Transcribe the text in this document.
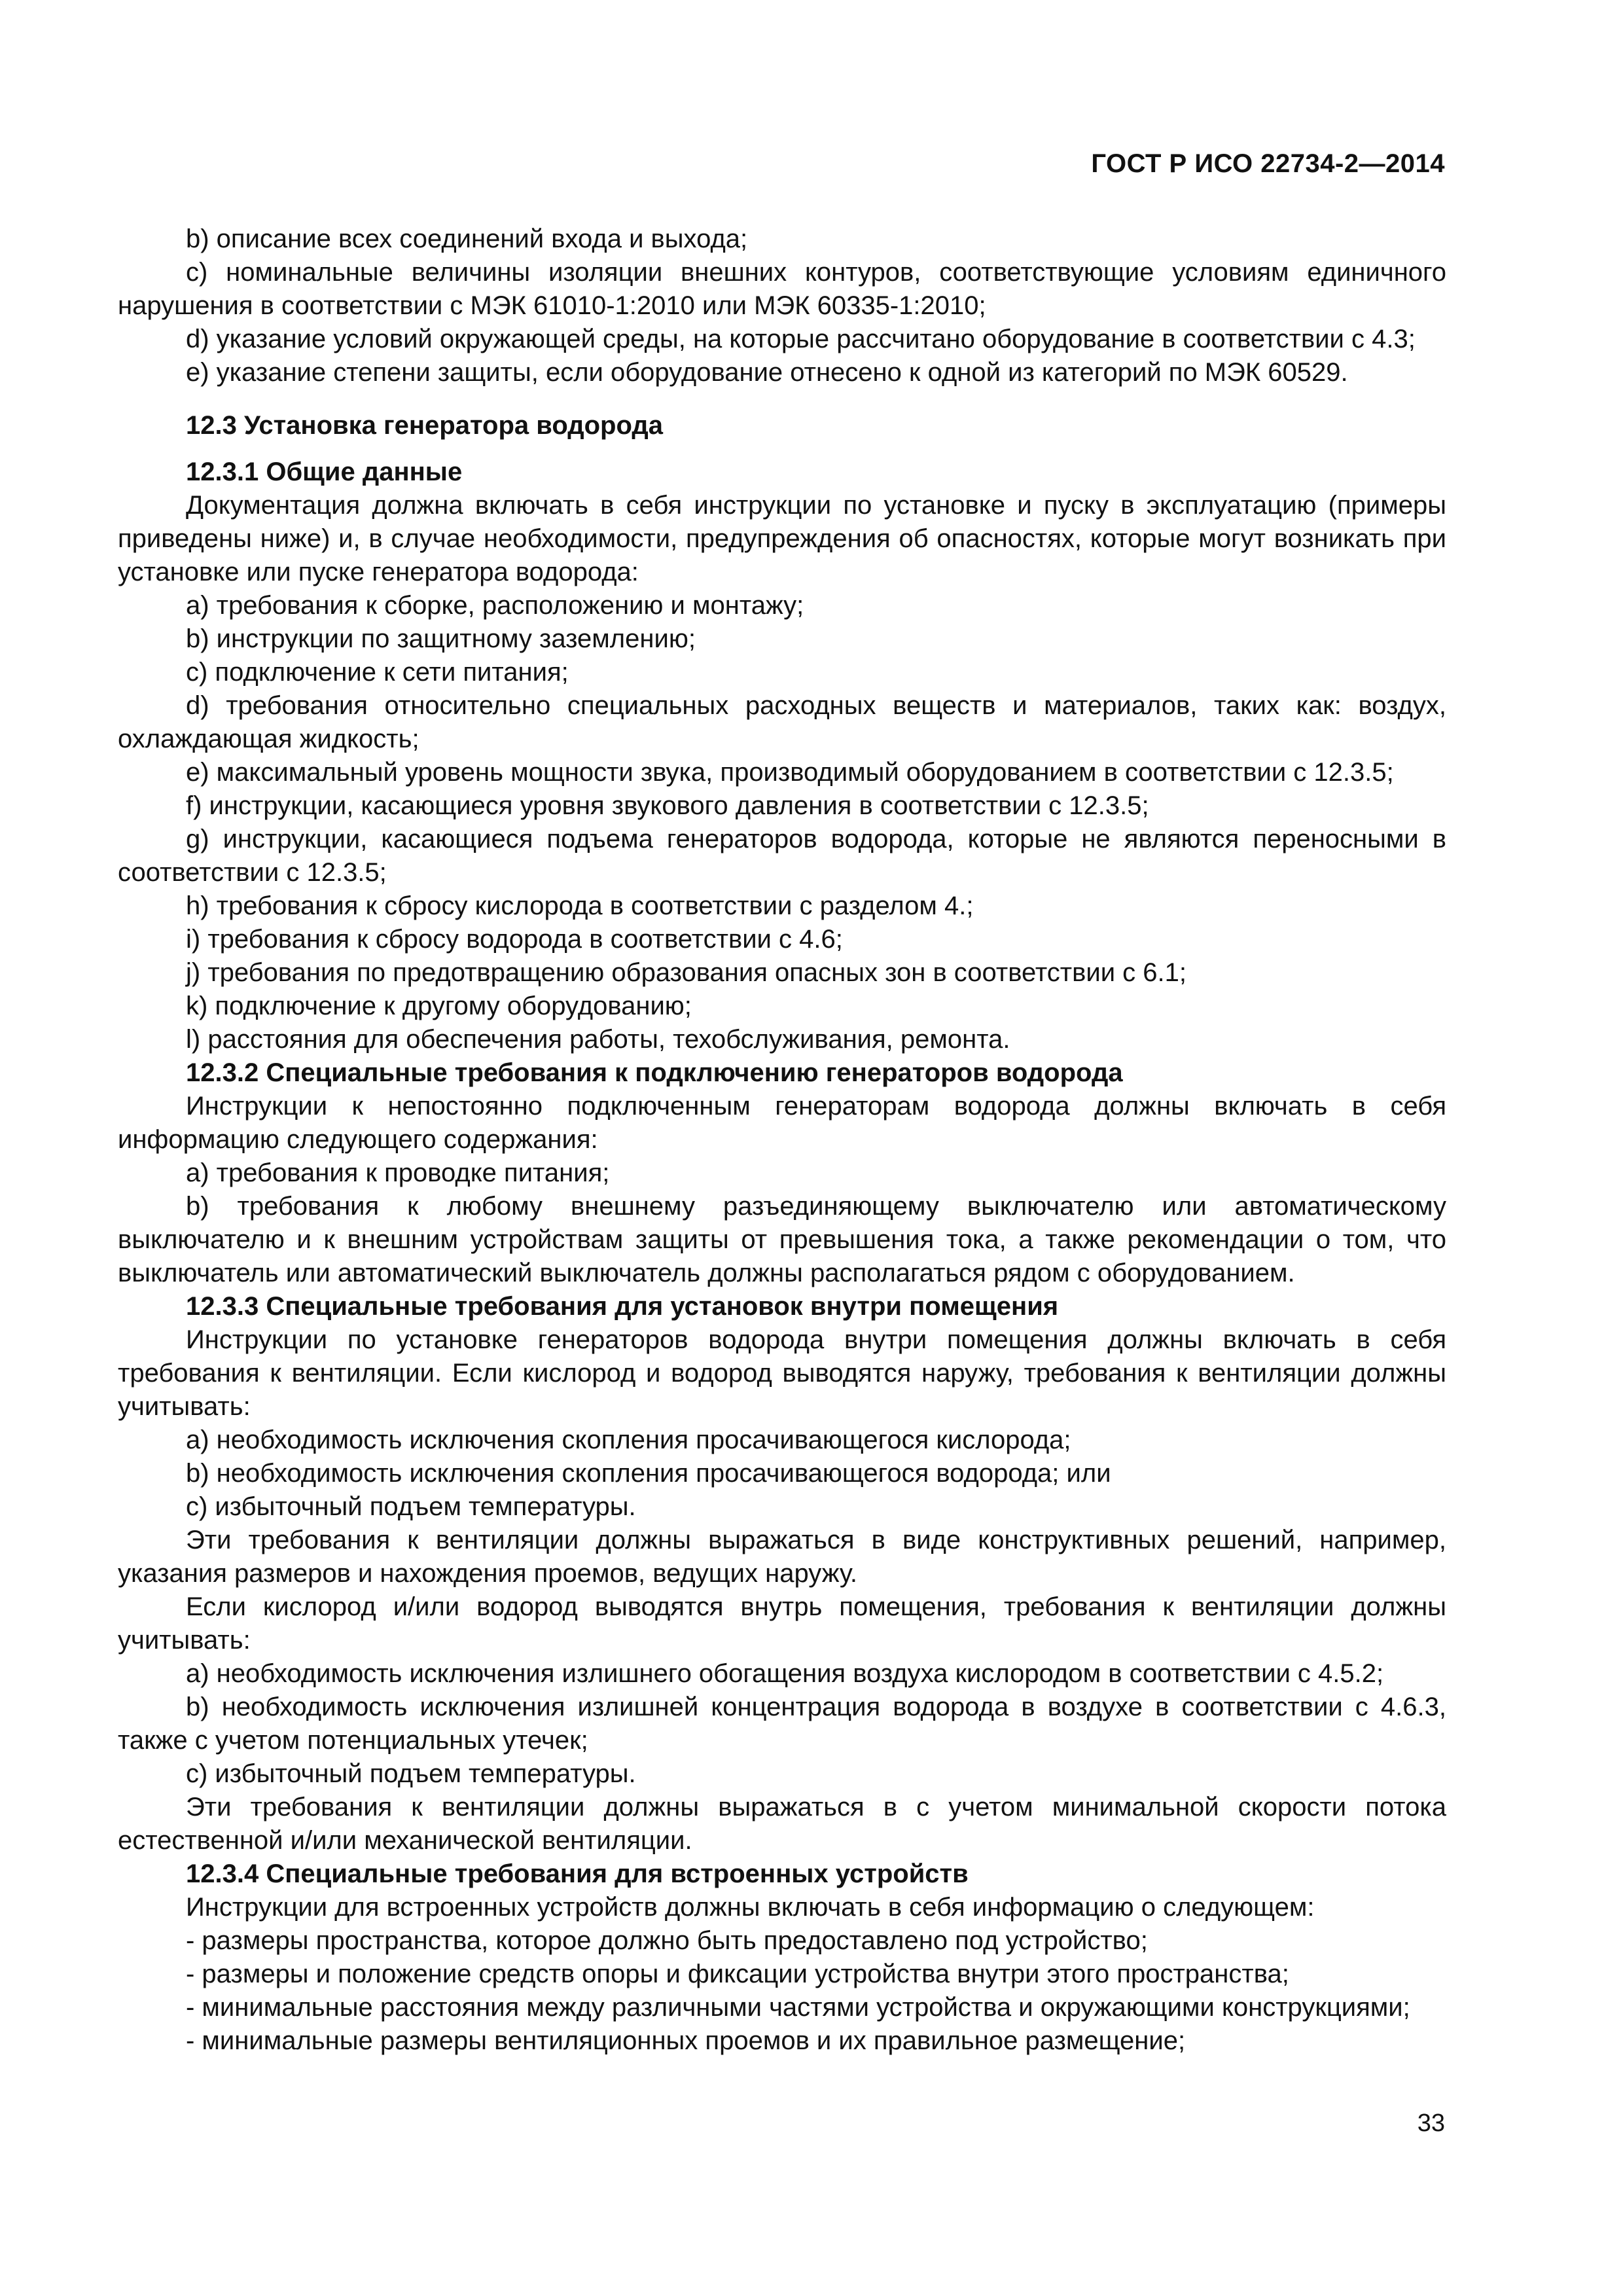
ГОСТ Р ИСО 22734-2—2014

b) описание всех соединений входа и выхода;

c) номинальные величины изоляции внешних контуров, соответствующие условиям единичного нарушения в соответствии с МЭК 61010-1:2010 или МЭК 60335-1:2010;

d) указание условий окружающей среды, на которые рассчитано оборудование в соответствии с 4.3;

e) указание степени защиты, если оборудование отнесено к одной из категорий по МЭК 60529.

12.3 Установка генератора водорода
12.3.1 Общие данные

Документация должна включать в себя инструкции по установке и пуску в эксплуатацию (примеры приведены ниже) и, в случае необходимости, предупреждения об опасностях, которые могут возникать при установке или пуске генератора водорода:

a) требования к сборке, расположению и монтажу;

b) инструкции по защитному заземлению;

c) подключение к сети питания;

d) требования относительно специальных расходных веществ и материалов, таких как: воздух, охлаждающая жидкость;

e) максимальный уровень мощности звука, производимый оборудованием в соответствии с 12.3.5;

f) инструкции, касающиеся уровня звукового давления в соответствии с 12.3.5;

g) инструкции, касающиеся подъема генераторов водорода, которые не являются переносными в соответствии с 12.3.5;

h) требования к сбросу кислорода в соответствии с разделом 4.;

i) требования к сбросу водорода в соответствии с 4.6;

j) требования по предотвращению образования опасных зон в соответствии с 6.1;

k) подключение к другому оборудованию;

l) расстояния для обеспечения работы, техобслуживания, ремонта.

12.3.2 Специальные требования к подключению генераторов водорода

Инструкции к непостоянно подключенным генераторам водорода должны включать в себя информацию следующего содержания:

a) требования к проводке питания;

b) требования к любому внешнему разъединяющему выключателю или автоматическому выключателю и к внешним устройствам защиты от превышения тока, а также рекомендации о том, что выключатель или автоматический выключатель должны располагаться рядом с оборудованием.

12.3.3 Специальные требования для установок внутри помещения

Инструкции по установке генераторов водорода внутри помещения должны включать в себя требования к вентиляции. Если кислород и водород выводятся наружу, требования к вентиляции должны учитывать:

a) необходимость исключения скопления просачивающегося кислорода;

b) необходимость исключения скопления просачивающегося водорода; или

c) избыточный подъем температуры.

Эти требования к вентиляции должны выражаться в виде конструктивных решений, например, указания размеров и нахождения проемов, ведущих наружу.

Если кислород и/или водород выводятся внутрь помещения, требования к вентиляции должны учитывать:

a) необходимость исключения излишнего обогащения воздуха кислородом в соответствии с 4.5.2;

b) необходимость исключения излишней концентрация водорода в воздухе в соответствии с 4.6.3, также с учетом потенциальных утечек;

c) избыточный подъем температуры.

Эти требования к вентиляции должны выражаться в с учетом минимальной скорости потока естественной и/или механической вентиляции.

12.3.4 Специальные требования для встроенных устройств

Инструкции для встроенных устройств должны включать в себя информацию о следующем:

- размеры пространства, которое должно быть предоставлено под устройство;

- размеры и положение средств опоры и фиксации устройства внутри этого пространства;

- минимальные расстояния между различными частями устройства и окружающими конструкциями;

- минимальные размеры вентиляционных проемов и их правильное размещение;

33
